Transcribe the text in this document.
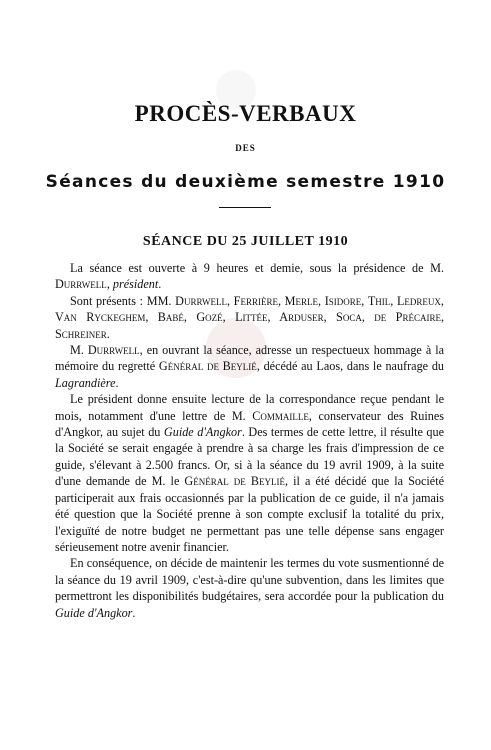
PROCÈS-VERBAUX
DES
Séances du deuxième semestre 1910
SÉANCE DU 25 JUILLET 1910

La séance est ouverte à 9 heures et demie, sous la présidence de M. Durrwell, président.

Sont présents : MM. Durrwell, Ferrière, Merle, Isidore, Thil, Ledreux, Van Ryckeghem, Babé, Gozé, Littée, Arduser, Soca, de Précaire, Schreiner.

M. Durrwell, en ouvrant la séance, adresse un respectueux hommage à la mémoire du regretté Général de Beylié, décédé au Laos, dans le naufrage du Lagrandière.

Le président donne ensuite lecture de la correspondance reçue pendant le mois, notamment d'une lettre de M. Commaille, conservateur des Ruines d'Angkor, au sujet du Guide d'Angkor. Des termes de cette lettre, il résulte que la Société se serait engagée à prendre à sa charge les frais d'impression de ce guide, s'élevant à 2.500 francs. Or, si à la séance du 19 avril 1909, à la suite d'une demande de M. le Général de Beylié, il a été décidé que la Société participerait aux frais occasionnés par la publication de ce guide, il n'a jamais été question que la Société prenne à son compte exclusif la totalité du prix, l'exiguïté de notre budget ne permettant pas une telle dépense sans engager sérieusement notre avenir financier.

En conséquence, on décide de maintenir les termes du vote susmentionné de la séance du 19 avril 1909, c'est-à-dire qu'une subvention, dans les limites que permettront les disponibilités budgétaires, sera accordée pour la publication du Guide d'Angkor.
